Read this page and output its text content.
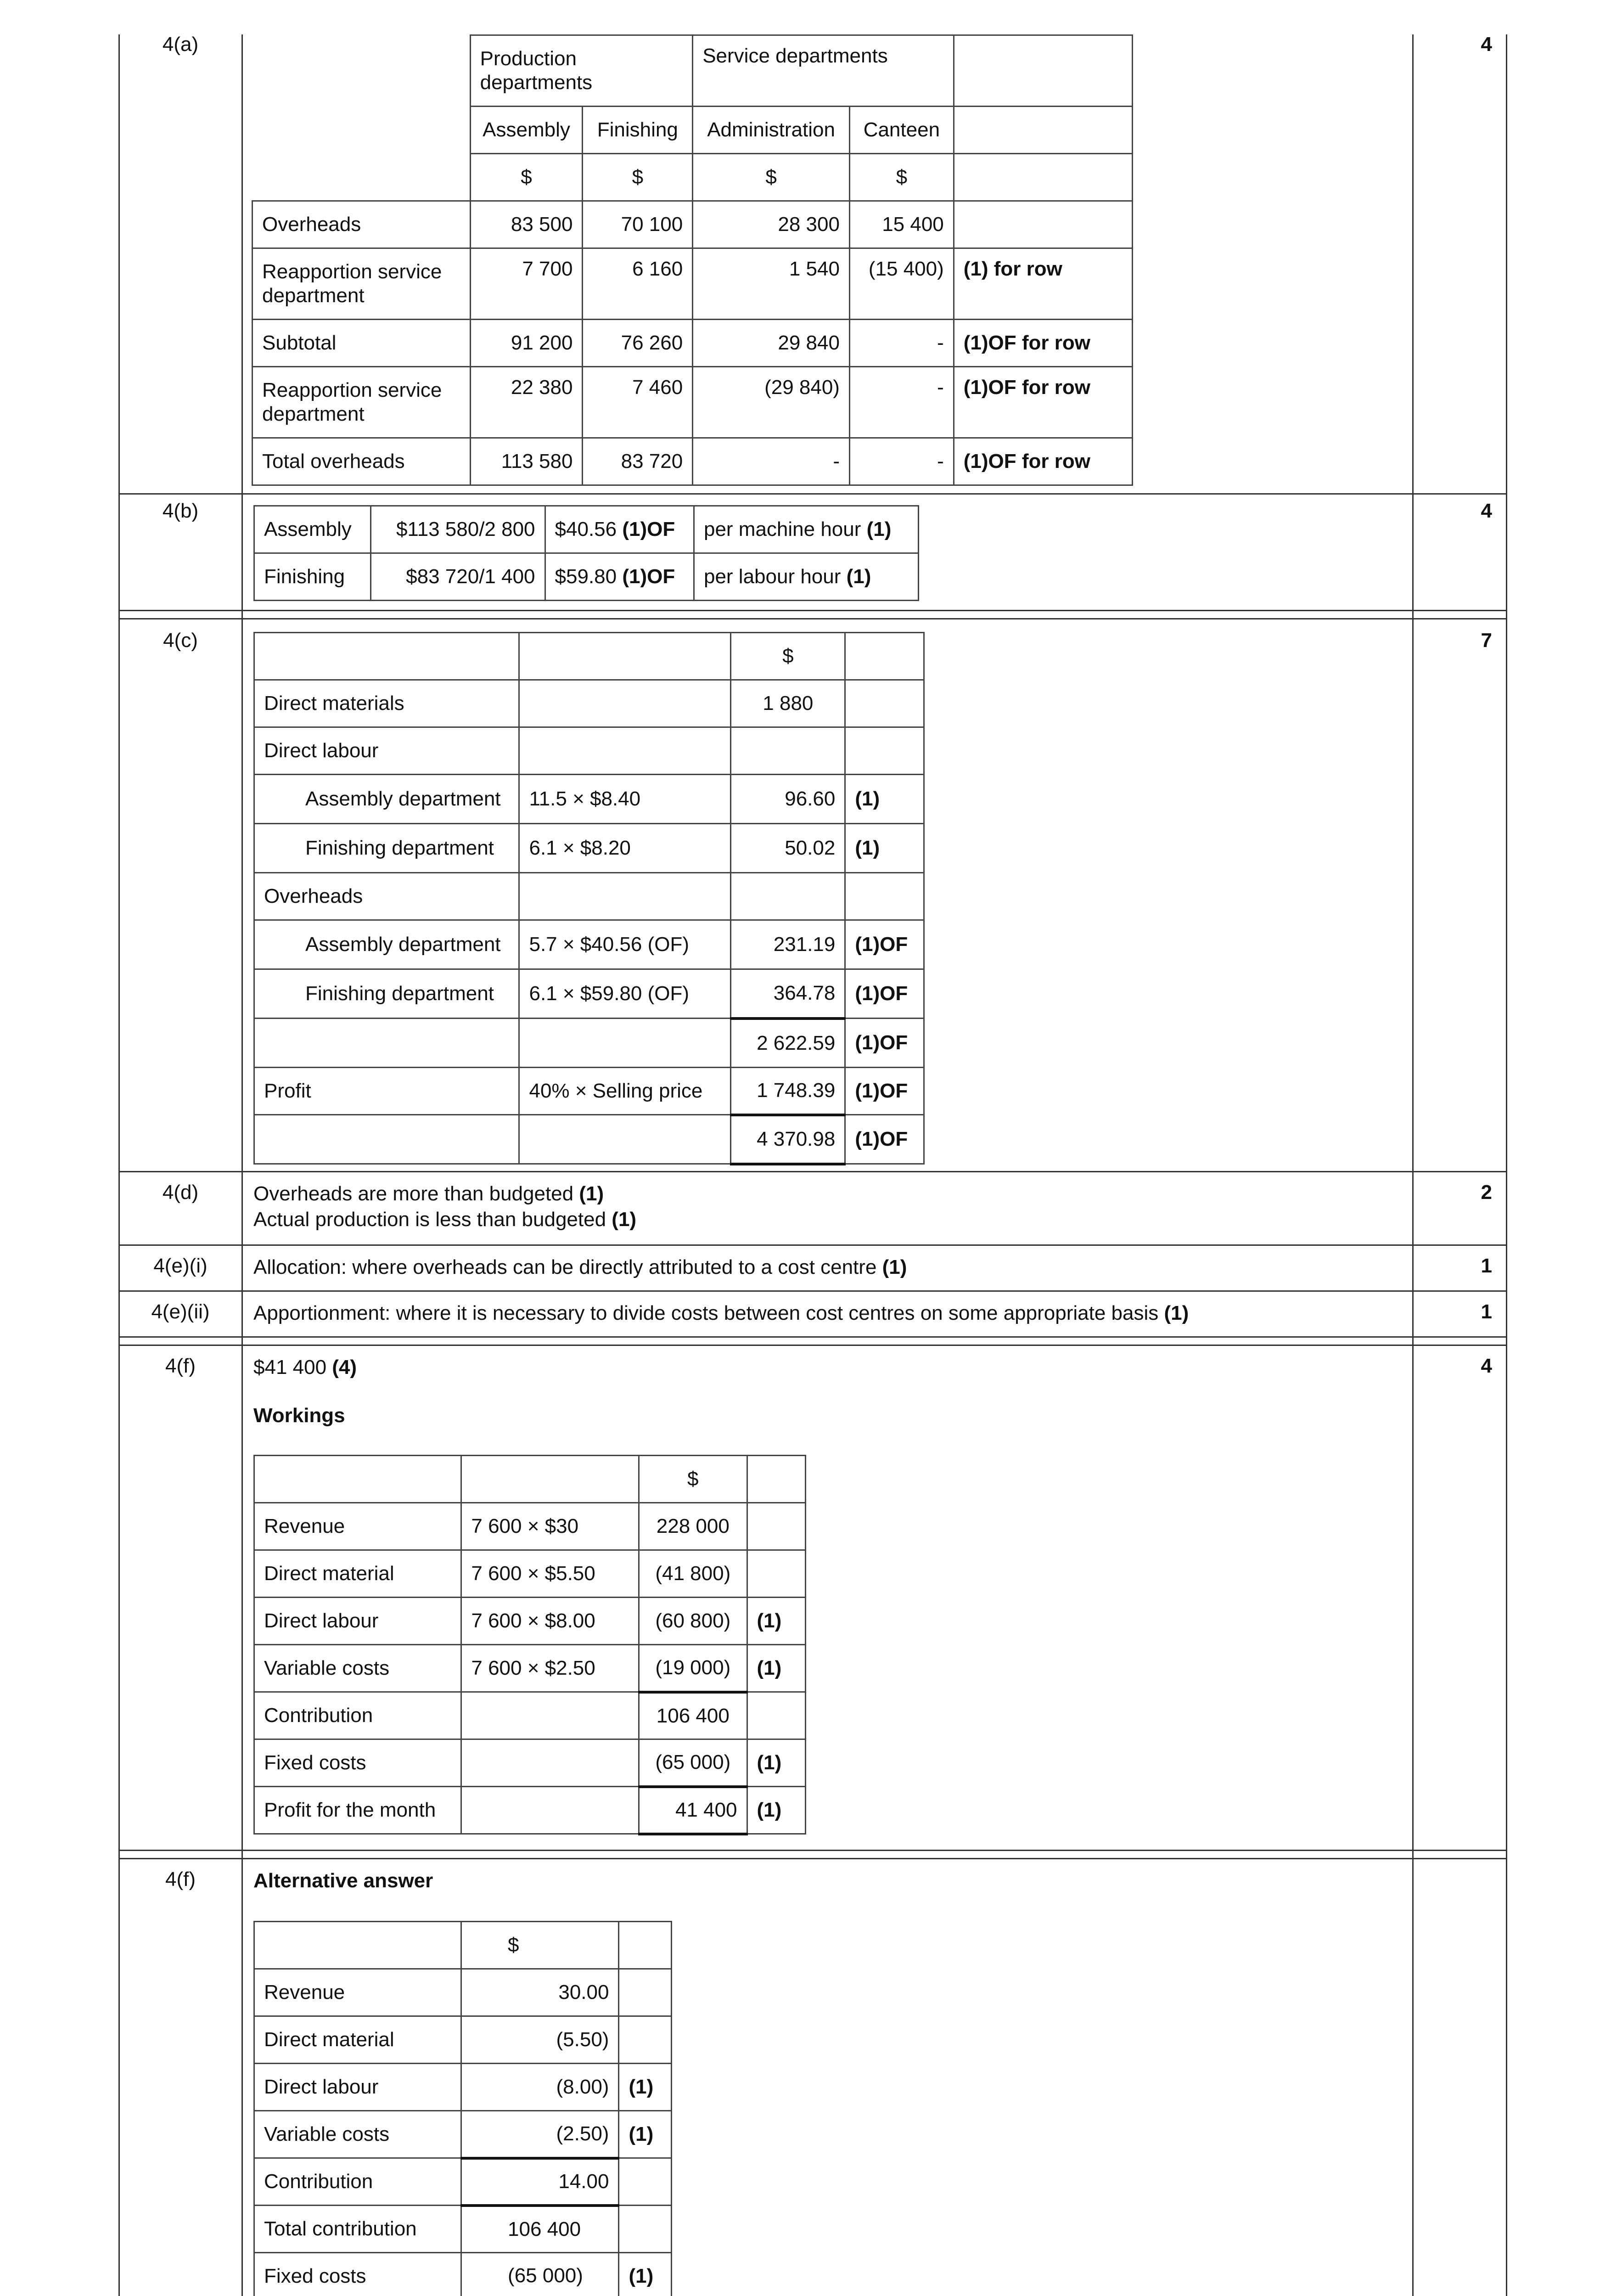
4(a)	4
	Production departments		Service departments		
	Assembly	Finishing	Administration	Canteen	
	$	$	$	$	
Overheads	83 500	70 100	28 300	15 400	
Reapportion service department	7 700	6 160	1 540	(15 400)	(1) for row
Subtotal	91 200	76 260	29 840	-	(1)OF for row
Reapportion service department	22 380	7 460	(29 840)	-	(1)OF for row
Total overheads	113 580	83 720	-	-	(1)OF for row
4(b)	4
Assembly	$113 580/2 800	$40.56 (1)OF	per machine hour (1)
Finishing	$83 720/1 400	$59.80 (1)OF	per labour hour (1)
4(c)	7
		$	
Direct materials		1 880	
Direct labour			
Assembly department	11.5 × $8.40	96.60	(1)
Finishing department	6.1 × $8.20	50.02	(1)
Overheads			
Assembly department	5.7 × $40.56 (OF)	231.19	(1)OF
Finishing department	6.1 × $59.80 (OF)	364.78	(1)OF
		2 622.59	(1)OF
Profit	40% × Selling price	1 748.39	(1)OF
		4 370.98	(1)OF
4(d)	2
Overheads are more than budgeted (1)
Actual production is less than budgeted (1)
4(e)(i)	1
Allocation: where overheads can be directly attributed to a cost centre (1)
4(e)(ii)	1
Apportionment: where it is necessary to divide costs between cost centres on some appropriate basis (1)
4(f)	4
$41 400 (4)
Workings
		$	
Revenue	7 600 × $30	228 000	
Direct material	7 600 × $5.50	(41 800)	
Direct labour	7 600 × $8.00	(60 800)	(1)
Variable costs	7 600 × $2.50	(19 000)	(1)
Contribution		106 400	
Fixed costs		(65 000)	(1)
Profit for the month		41 400	(1)
4(f)	Alternative answer
	$	
Revenue	30.00	
Direct material	(5.50)	
Direct labour	(8.00)	(1)
Variable costs	(2.50)	(1)
Contribution	14.00	
Total contribution	106 400	
Fixed costs	(65 000)	(1)
